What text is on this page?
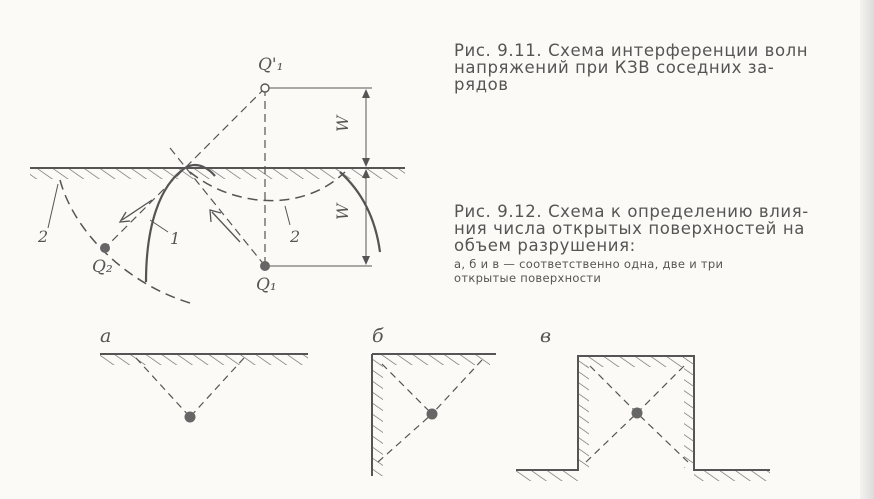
Q'₁
Q₁
Q₂
W
W
2	1	2
а	б	в
Рис. 9.11. Схема интерференции волн
напряжений при КЗВ соседних за-
рядов
Рис. 9.12. Схема к определению влия-
ния числа открытых поверхностей на
объем разрушения:
а, б и в — соответственно одна, две и три
открытые поверхности
